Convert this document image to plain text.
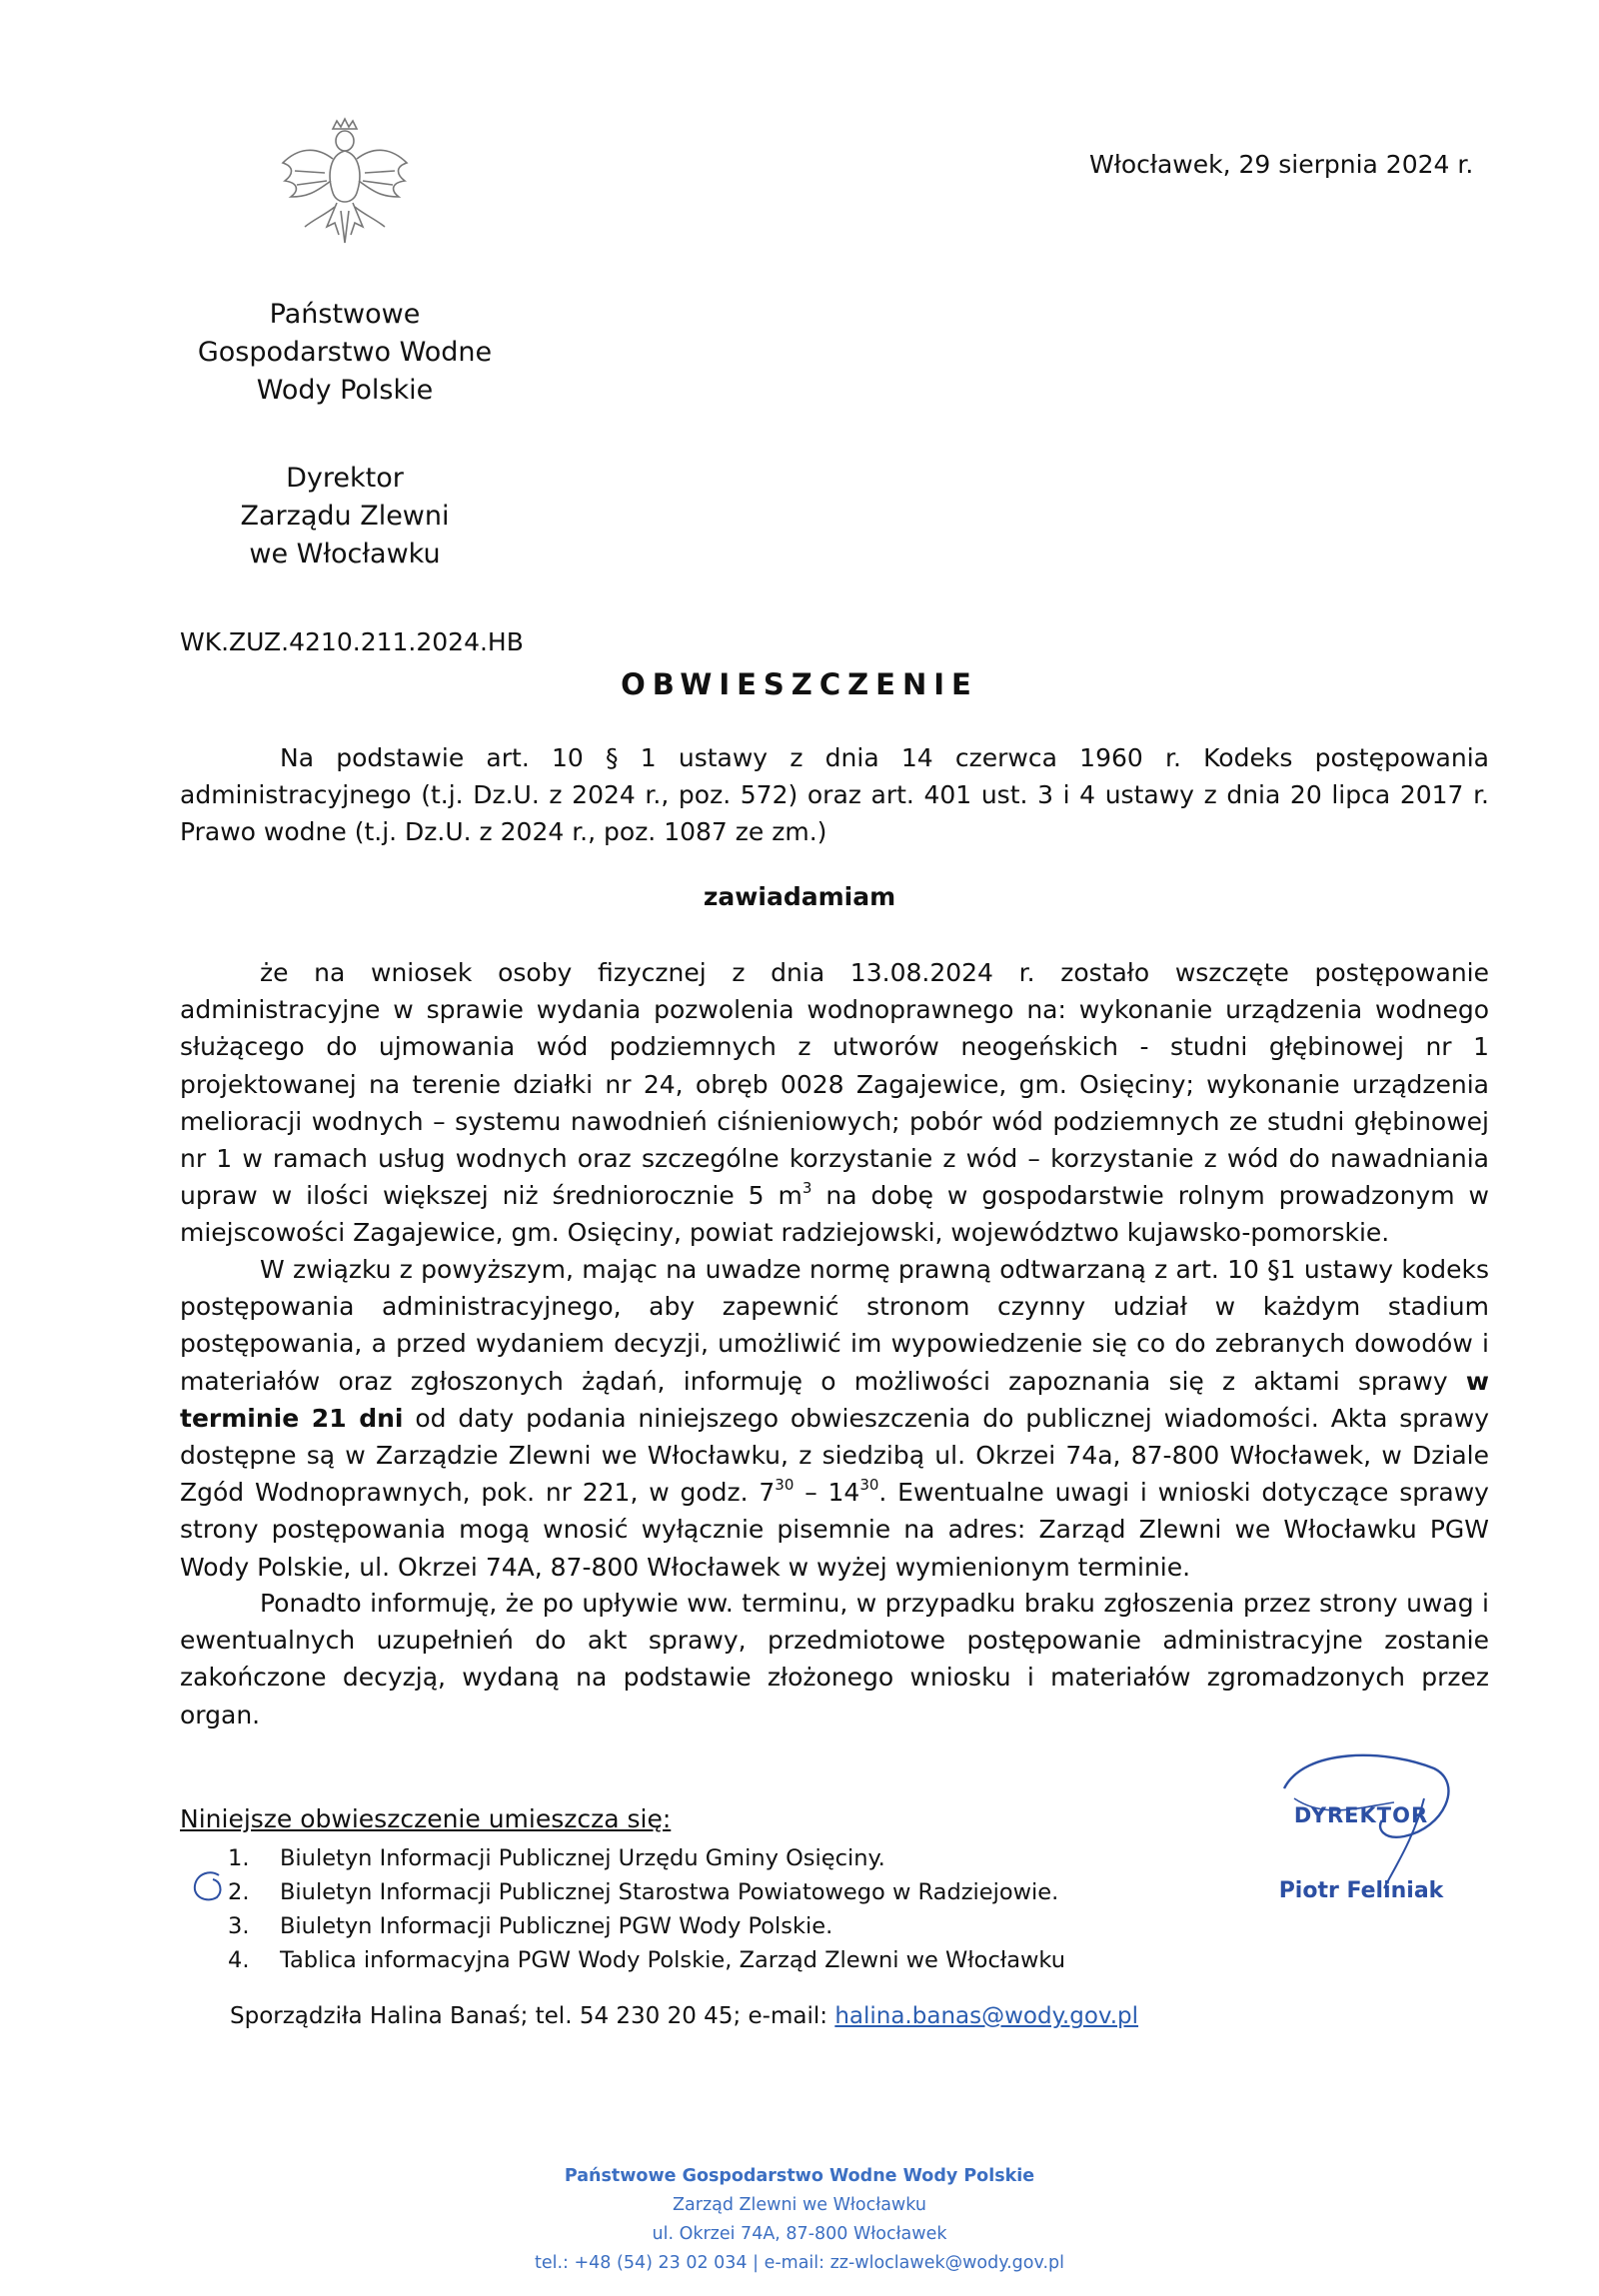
Włocławek, 29 sierpnia 2024 r.
Państwowe
Gospodarstwo Wodne
Wody Polskie
Dyrektor
Zarządu Zlewni
we Włocławku
WK.ZUZ.4210.211.2024.HB
OBWIESZCZENIE

Na podstawie art. 10 § 1 ustawy z dnia 14 czerwca 1960 r. Kodeks postępowania administracyjnego (t.j. Dz.U. z 2024 r., poz. 572) oraz art. 401 ust. 3 i 4 ustawy z dnia 20 lipca 2017 r. Prawo wodne (t.j. Dz.U. z 2024 r., poz. 1087 ze zm.)

zawiadamiam

że na wniosek osoby fizycznej z dnia 13.08.2024 r. zostało wszczęte postępowanie administracyjne w sprawie wydania pozwolenia wodnoprawnego na: wykonanie urządzenia wodnego służącego do ujmowania wód podziemnych z utworów neogeńskich - studni głębinowej nr 1 projektowanej na terenie działki nr 24, obręb 0028 Zagajewice, gm. Osięciny; wykonanie urządzenia melioracji wodnych – systemu nawodnień ciśnieniowych; pobór wód podziemnych ze studni głębinowej nr 1 w ramach usług wodnych oraz szczególne korzystanie z wód – korzystanie z wód do nawadniania upraw w ilości większej niż średniorocznie 5 $m^3$ na dobę w gospodarstwie rolnym prowadzonym w miejscowości Zagajewice, gm. Osięciny, powiat radziejowski, województwo kujawsko-pomorskie.

W związku z powyższym, mając na uwadze normę prawną odtwarzaną z art. 10 §1 ustawy kodeks postępowania administracyjnego, aby zapewnić stronom czynny udział w każdym stadium postępowania, a przed wydaniem decyzji, umożliwić im wypowiedzenie się co do zebranych dowodów i materiałów oraz zgłoszonych żądań, informuję o możliwości zapoznania się z aktami sprawy w terminie 21 dni od daty podania niniejszego obwieszczenia do publicznej wiadomości. Akta sprawy dostępne są w Zarządzie Zlewni we Włocławku, z siedzibą ul. Okrzei 74a, 87-800 Włocławek, w Dziale Zgód Wodnoprawnych, pok. nr 221, w godz. $7^{30} - 14^{30}$. Ewentualne uwagi i wnioski dotyczące sprawy strony postępowania mogą wnosić wyłącznie pisemnie na adres: Zarząd Zlewni we Włocławku PGW Wody Polskie, ul. Okrzei 74A, 87-800 Włocławek w wyżej wymienionym terminie.

Ponadto informuję, że po upływie ww. terminu, w przypadku braku zgłoszenia przez strony uwag i ewentualnych uzupełnień do akt sprawy, przedmiotowe postępowanie administracyjne zostanie zakończone decyzją, wydaną na podstawie złożonego wniosku i materiałów zgromadzonych przez organ.

Niniejsze obwieszczenie umieszcza się:
1. Biuletyn Informacji Publicznej Urzędu Gminy Osięciny.
2. Biuletyn Informacji Publicznej Starostwa Powiatowego w Radziejowie.
3. Biuletyn Informacji Publicznej PGW Wody Polskie.
4. Tablica informacyjna PGW Wody Polskie, Zarząd Zlewni we Włocławku
DYREKTOR
Piotr Feliniak
Sporządziła Halina Banaś; tel. 54 230 20 45; e-mail: halina.banas@wody.gov.pl
Państwowe Gospodarstwo Wodne Wody Polskie
Zarząd Zlewni we Włocławku
ul. Okrzei 74A, 87-800 Włocławek
tel.: +48 (54) 23 02 034 | e-mail: zz-wloclawek@wody.gov.pl
